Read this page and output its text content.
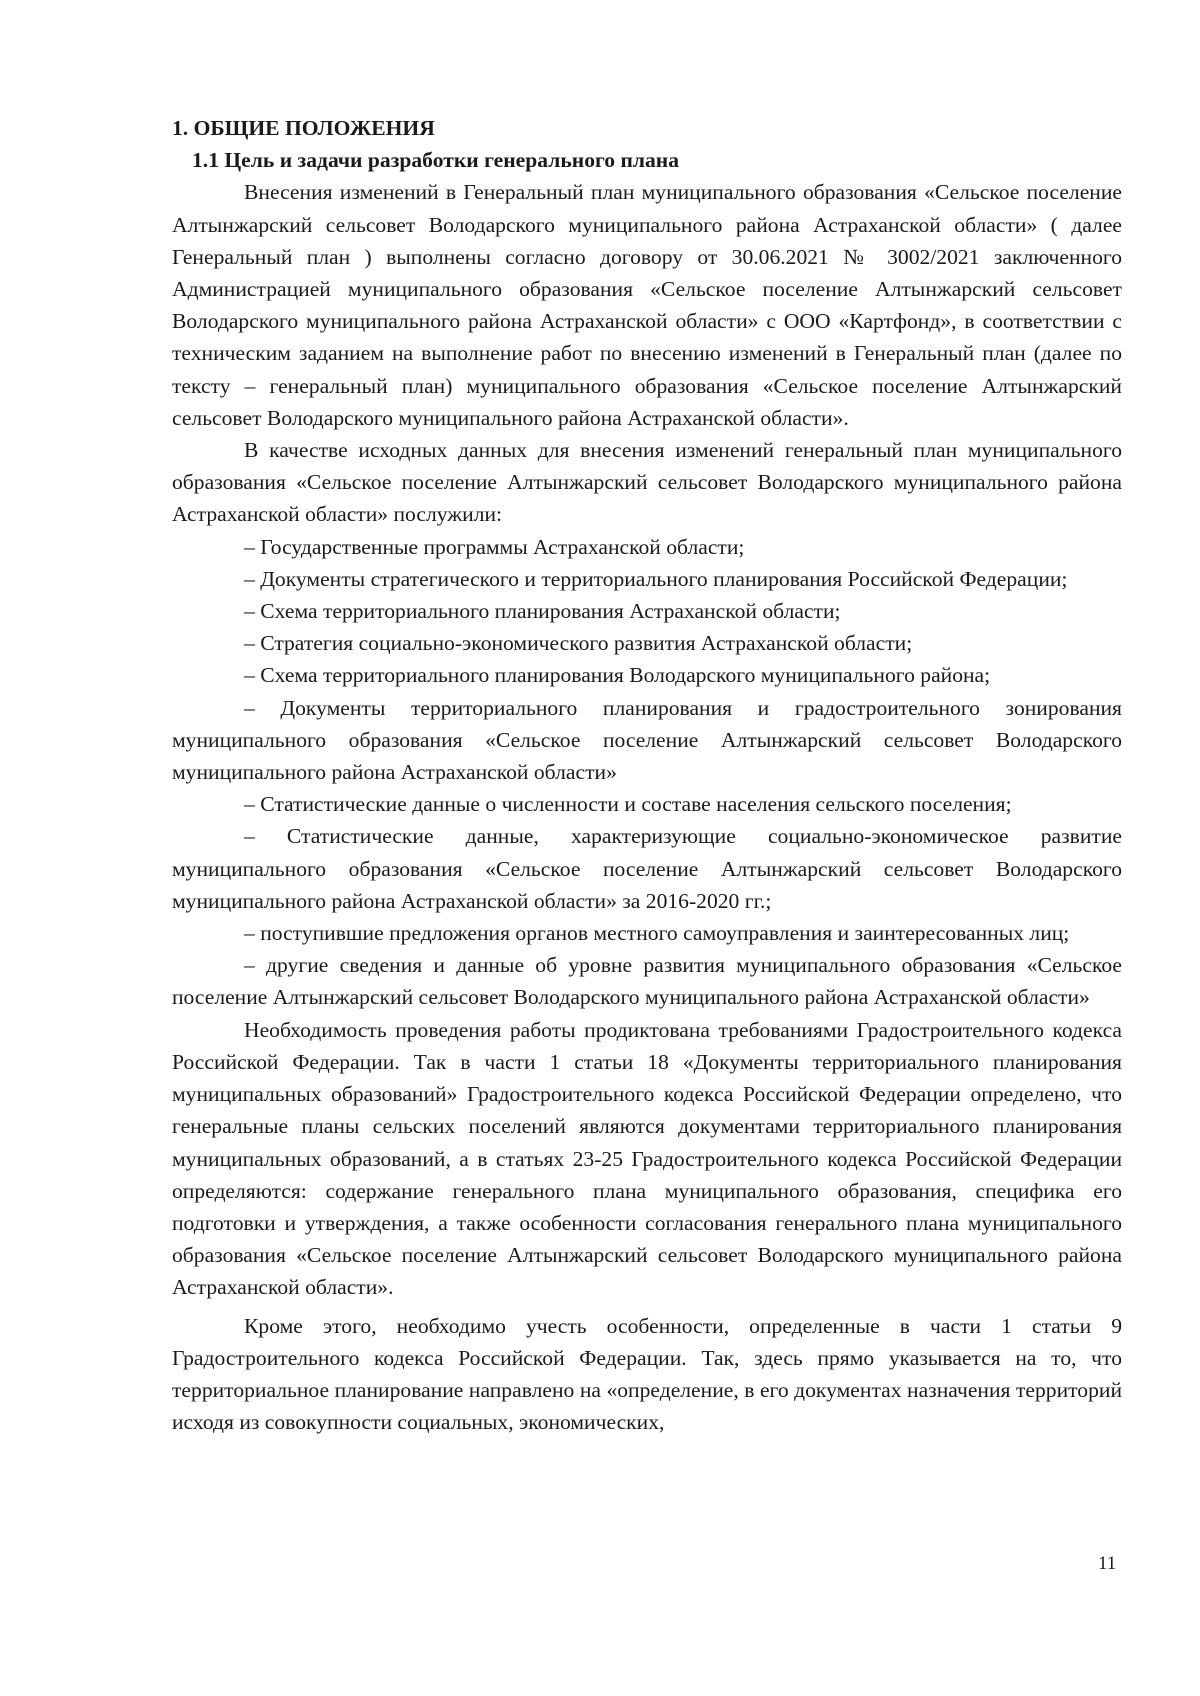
1. ОБЩИЕ ПОЛОЖЕНИЯ

1.1 Цель и задачи разработки генерального плана

Внесения изменений в Генеральный план муниципального образования «Сельское поселение Алтынжарский сельсовет Володарского муниципального района Астраханской области» ( далее Генеральный план ) выполнены согласно договору от 30.06.2021 № 3002/2021 заключенного Администрацией муниципального образования «Сельское поселение Алтынжарский сельсовет Володарского муниципального района Астраханской области» с ООО «Картфонд», в соответствии с техническим заданием на выполнение работ по внесению изменений в Генеральный план (далее по тексту – генеральный план) муниципального образования «Сельское поселение Алтынжарский сельсовет Володарского муниципального района Астраханской области».

В качестве исходных данных для внесения изменений генеральный план муниципального образования «Сельское поселение Алтынжарский сельсовет Володарского муниципального района Астраханской области» послужили:

– Государственные программы Астраханской области;

– Документы стратегического и территориального планирования Российской Федерации;

– Схема территориального планирования Астраханской области;

– Стратегия социально-экономического развития Астраханской области;

– Схема территориального планирования Володарского муниципального района;

– Документы территориального планирования и градостроительного зонирования муниципального образования «Сельское поселение Алтынжарский сельсовет Володарского муниципального района Астраханской области»

– Статистические данные о численности и составе населения сельского поселения;

– Статистические данные, характеризующие социально-экономическое развитие муниципального образования «Сельское поселение Алтынжарский сельсовет Володарского муниципального района Астраханской области» за 2016-2020 гг.;

– поступившие предложения органов местного самоуправления и заинтересованных лиц;

– другие сведения и данные об уровне развития муниципального образования «Сельское поселение Алтынжарский сельсовет Володарского муниципального района Астраханской области»

Необходимость проведения работы продиктована требованиями Градостроительного кодекса Российской Федерации. Так в части 1 статьи 18 «Документы территориального планирования муниципальных образований» Градостроительного кодекса Российской Федерации определено, что генеральные планы сельских поселений являются документами территориального планирования муниципальных образований, а в статьях 23-25 Градостроительного кодекса Российской Федерации определяются: содержание генерального плана муниципального образования, специфика его подготовки и утверждения, а также особенности согласования генерального плана муниципального образования «Сельское поселение Алтынжарский сельсовет Володарского муниципального района Астраханской области».

Кроме этого, необходимо учесть особенности, определенные в части 1 статьи 9 Градостроительного кодекса Российской Федерации. Так, здесь прямо указывается на то, что территориальное планирование направлено на «определение, в его документах назначения территорий исходя из совокупности социальных, экономических,

11
